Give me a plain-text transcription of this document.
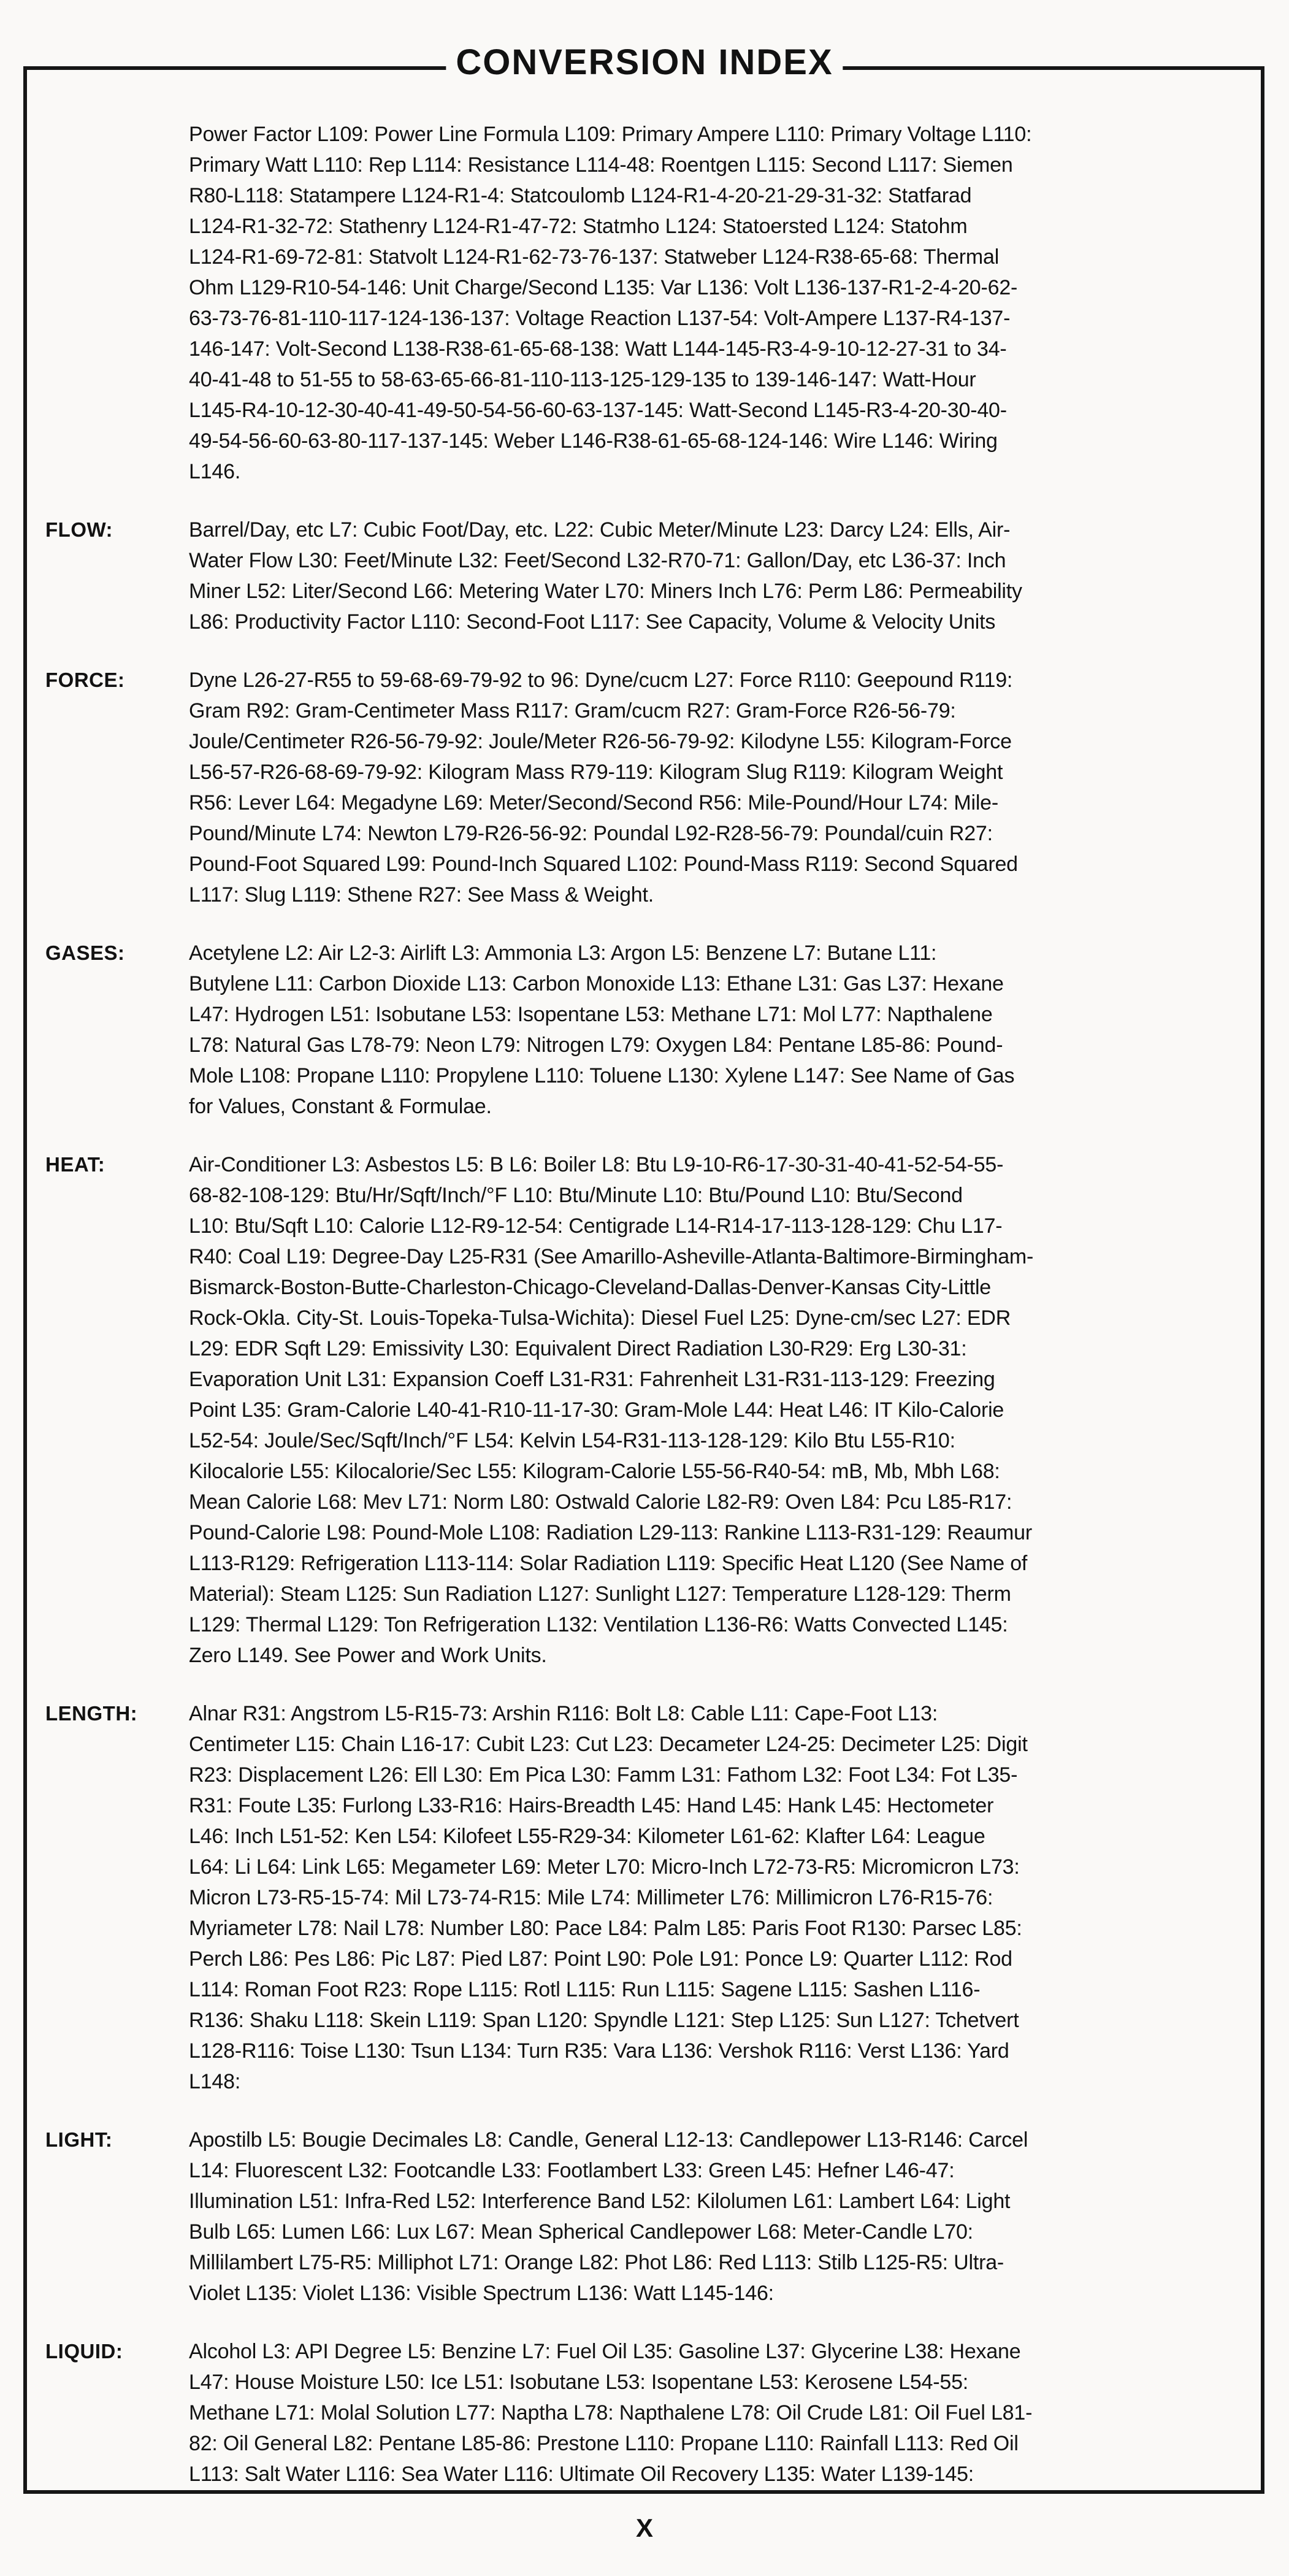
CONVERSION INDEX
Power Factor L109: Power Line Formula L109: Primary Ampere L110: Primary Voltage L110:
Primary Watt L110: Rep L114: Resistance L114-48: Roentgen L115: Second L117: Siemen
R80-L118: Statampere L124-R1-4: Statcoulomb L124-R1-4-20-21-29-31-32: Statfarad
L124-R1-32-72: Stathenry L124-R1-47-72: Statmho L124: Statoersted L124: Statohm
L124-R1-69-72-81: Statvolt L124-R1-62-73-76-137: Statweber L124-R38-65-68: Thermal
Ohm L129-R10-54-146: Unit Charge/Second L135: Var L136: Volt L136-137-R1-2-4-20-62-
63-73-76-81-110-117-124-136-137: Voltage Reaction L137-54: Volt-Ampere L137-R4-137-
146-147: Volt-Second L138-R38-61-65-68-138: Watt L144-145-R3-4-9-10-12-27-31 to 34-
40-41-48 to 51-55 to 58-63-65-66-81-110-113-125-129-135 to 139-146-147: Watt-Hour
L145-R4-10-12-30-40-41-49-50-54-56-60-63-137-145: Watt-Second L145-R3-4-20-30-40-
49-54-56-60-63-80-117-137-145: Weber L146-R38-61-65-68-124-146: Wire L146: Wiring
L146.
FLOW:	Barrel/Day, etc L7: Cubic Foot/Day, etc. L22: Cubic Meter/Minute L23: Darcy L24: Ells, Air-
Water Flow L30: Feet/Minute L32: Feet/Second L32-R70-71: Gallon/Day, etc L36-37: Inch
Miner L52: Liter/Second L66: Metering Water L70: Miners Inch L76: Perm L86: Permeability
L86: Productivity Factor L110: Second-Foot L117: See Capacity, Volume & Velocity Units
FORCE:	Dyne L26-27-R55 to 59-68-69-79-92 to 96: Dyne/cucm L27: Force R110: Geepound R119:
Gram R92: Gram-Centimeter Mass R117: Gram/cucm R27: Gram-Force R26-56-79:
Joule/Centimeter R26-56-79-92: Joule/Meter R26-56-79-92: Kilodyne L55: Kilogram-Force
L56-57-R26-68-69-79-92: Kilogram Mass R79-119: Kilogram Slug R119: Kilogram Weight
R56: Lever L64: Megadyne L69: Meter/Second/Second R56: Mile-Pound/Hour L74: Mile-
Pound/Minute L74: Newton L79-R26-56-92: Poundal L92-R28-56-79: Poundal/cuin R27:
Pound-Foot Squared L99: Pound-Inch Squared L102: Pound-Mass R119: Second Squared
L117: Slug L119: Sthene R27: See Mass & Weight.
GASES:	Acetylene L2: Air L2-3: Airlift L3: Ammonia L3: Argon L5: Benzene L7: Butane L11:
Butylene L11: Carbon Dioxide L13: Carbon Monoxide L13: Ethane L31: Gas L37: Hexane
L47: Hydrogen L51: Isobutane L53: Isopentane L53: Methane L71: Mol L77: Napthalene
L78: Natural Gas L78-79: Neon L79: Nitrogen L79: Oxygen L84: Pentane L85-86: Pound-
Mole L108: Propane L110: Propylene L110: Toluene L130: Xylene L147: See Name of Gas
for Values, Constant & Formulae.
HEAT:	Air-Conditioner L3: Asbestos L5: B L6: Boiler L8: Btu L9-10-R6-17-30-31-40-41-52-54-55-
68-82-108-129: Btu/Hr/Sqft/Inch/°F L10: Btu/Minute L10: Btu/Pound L10: Btu/Second
L10: Btu/Sqft L10: Calorie L12-R9-12-54: Centigrade L14-R14-17-113-128-129: Chu L17-
R40: Coal L19: Degree-Day L25-R31 (See Amarillo-Asheville-Atlanta-Baltimore-Birmingham-
Bismarck-Boston-Butte-Charleston-Chicago-Cleveland-Dallas-Denver-Kansas City-Little
Rock-Okla. City-St. Louis-Topeka-Tulsa-Wichita): Diesel Fuel L25: Dyne-cm/sec L27: EDR
L29: EDR Sqft L29: Emissivity L30: Equivalent Direct Radiation L30-R29: Erg L30-31:
Evaporation Unit L31: Expansion Coeff L31-R31: Fahrenheit L31-R31-113-129: Freezing
Point L35: Gram-Calorie L40-41-R10-11-17-30: Gram-Mole L44: Heat L46: IT Kilo-Calorie
L52-54: Joule/Sec/Sqft/Inch/°F L54: Kelvin L54-R31-113-128-129: Kilo Btu L55-R10:
Kilocalorie L55: Kilocalorie/Sec L55: Kilogram-Calorie L55-56-R40-54: mB, Mb, Mbh L68:
Mean Calorie L68: Mev L71: Norm L80: Ostwald Calorie L82-R9: Oven L84: Pcu L85-R17:
Pound-Calorie L98: Pound-Mole L108: Radiation L29-113: Rankine L113-R31-129: Reaumur
L113-R129: Refrigeration L113-114: Solar Radiation L119: Specific Heat L120 (See Name of
Material): Steam L125: Sun Radiation L127: Sunlight L127: Temperature L128-129: Therm
L129: Thermal L129: Ton Refrigeration L132: Ventilation L136-R6: Watts Convected L145:
Zero L149. See Power and Work Units.
LENGTH:	Alnar R31: Angstrom L5-R15-73: Arshin R116: Bolt L8: Cable L11: Cape-Foot L13:
Centimeter L15: Chain L16-17: Cubit L23: Cut L23: Decameter L24-25: Decimeter L25: Digit
R23: Displacement L26: Ell L30: Em Pica L30: Famm L31: Fathom L32: Foot L34: Fot L35-
R31: Foute L35: Furlong L33-R16: Hairs-Breadth L45: Hand L45: Hank L45: Hectometer
L46: Inch L51-52: Ken L54: Kilofeet L55-R29-34: Kilometer L61-62: Klafter L64: League
L64: Li L64: Link L65: Megameter L69: Meter L70: Micro-Inch L72-73-R5: Micromicron L73:
Micron L73-R5-15-74: Mil L73-74-R15: Mile L74: Millimeter L76: Millimicron L76-R15-76:
Myriameter L78: Nail L78: Number L80: Pace L84: Palm L85: Paris Foot R130: Parsec L85:
Perch L86: Pes L86: Pic L87: Pied L87: Point L90: Pole L91: Ponce L9: Quarter L112: Rod
L114: Roman Foot R23: Rope L115: Rotl L115: Run L115: Sagene L115: Sashen L116-
R136: Shaku L118: Skein L119: Span L120: Spyndle L121: Step L125: Sun L127: Tchetvert
L128-R116: Toise L130: Tsun L134: Turn R35: Vara L136: Vershok R116: Verst L136: Yard
L148:
LIGHT:	Apostilb L5: Bougie Decimales L8: Candle, General L12-13: Candlepower L13-R146: Carcel
L14: Fluorescent L32: Footcandle L33: Footlambert L33: Green L45: Hefner L46-47:
Illumination L51: Infra-Red L52: Interference Band L52: Kilolumen L61: Lambert L64: Light
Bulb L65: Lumen L66: Lux L67: Mean Spherical Candlepower L68: Meter-Candle L70:
Millilambert L75-R5: Milliphot L71: Orange L82: Phot L86: Red L113: Stilb L125-R5: Ultra-
Violet L135: Violet L136: Visible Spectrum L136: Watt L145-146:
LIQUID:	Alcohol L3: API Degree L5: Benzine L7: Fuel Oil L35: Gasoline L37: Glycerine L38: Hexane
L47: House Moisture L50: Ice L51: Isobutane L53: Isopentane L53: Kerosene L54-55:
Methane L71: Molal Solution L77: Naptha L78: Napthalene L78: Oil Crude L81: Oil Fuel L81-
82: Oil General L82: Pentane L85-86: Prestone L110: Propane L110: Rainfall L113: Red Oil
L113: Salt Water L116: Sea Water L116: Ultimate Oil Recovery L135: Water L139-145:
X
